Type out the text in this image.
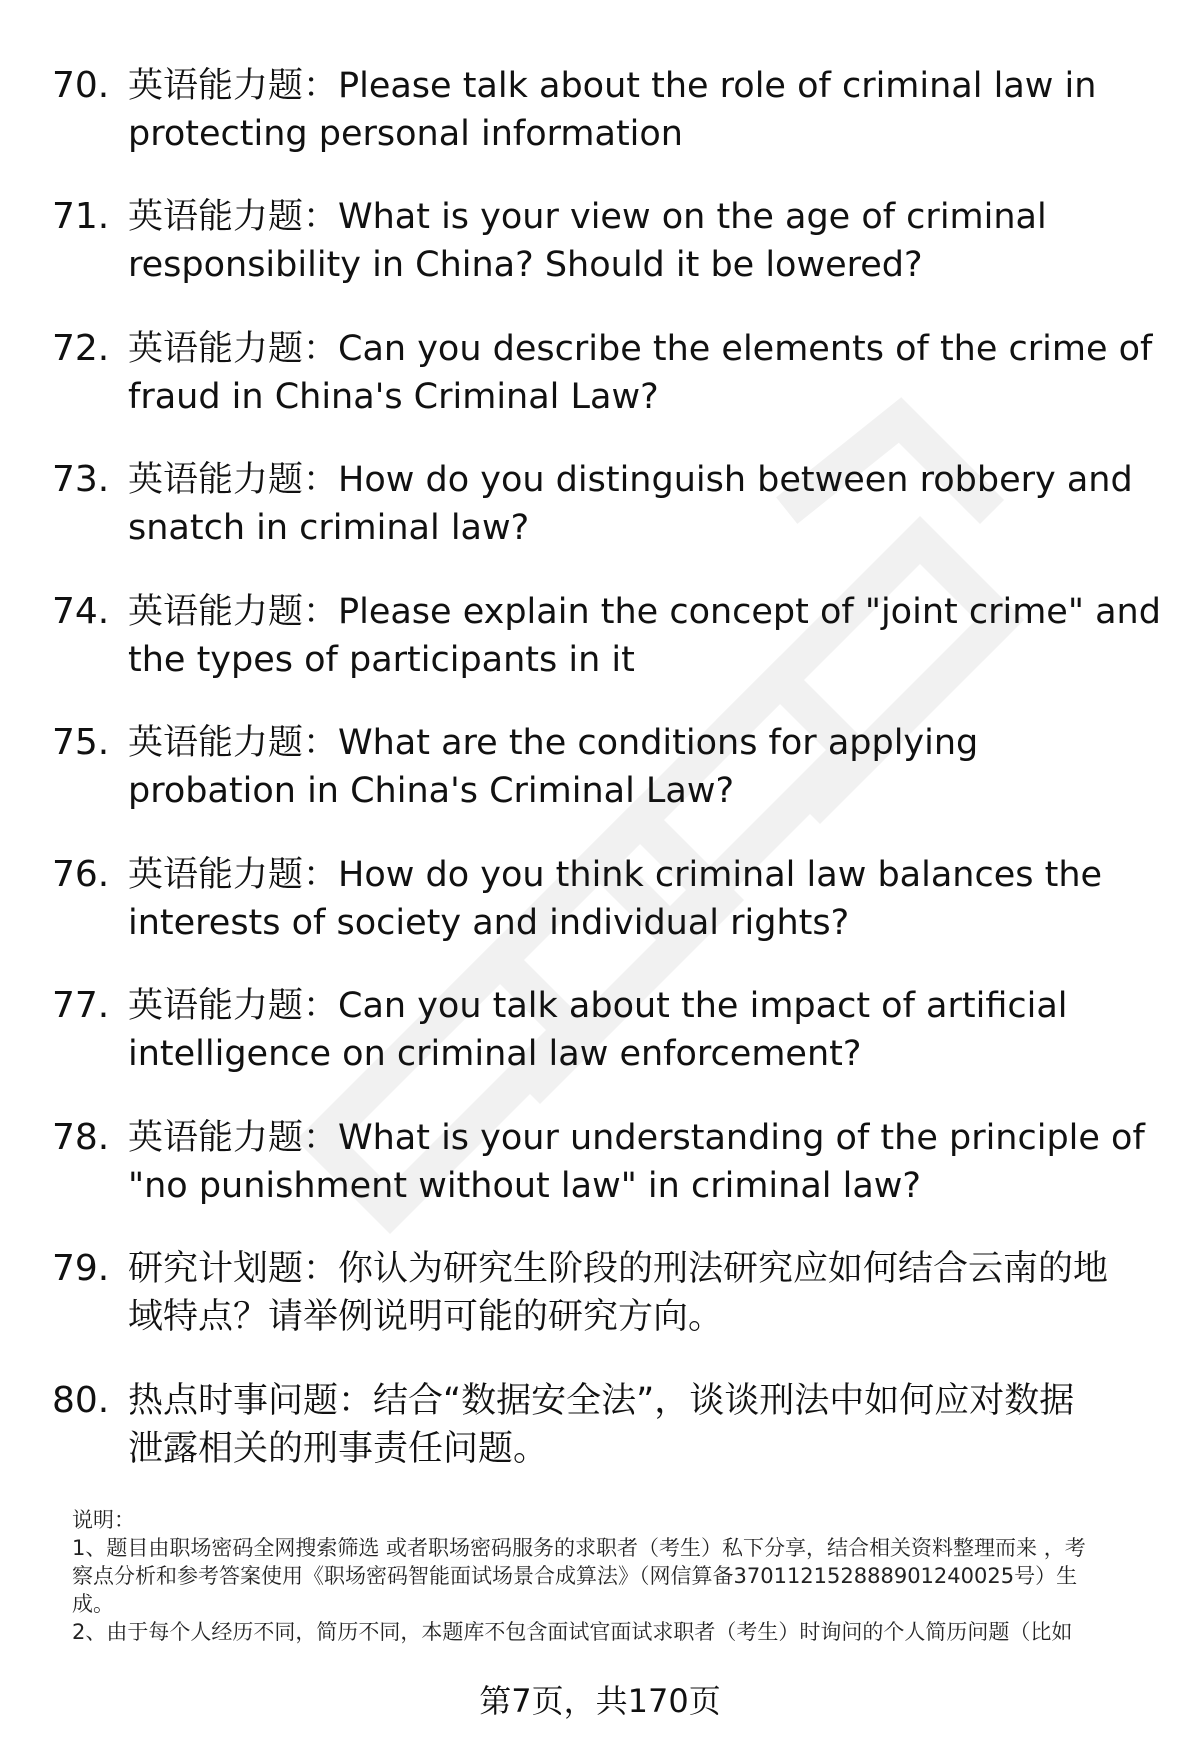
70. 英语能力题：Please talk about the role of criminal law in
protecting personal information
71. 英语能力题：What is your view on the age of criminal
responsibility in China? Should it be lowered?
72. 英语能力题：Can you describe the elements of the crime of
fraud in China's Criminal Law?
73. 英语能力题：How do you distinguish between robbery and
snatch in criminal law?
74. 英语能力题：Please explain the concept of "joint crime" and
the types of participants in it
75. 英语能力题：What are the conditions for applying
probation in China's Criminal Law?
76. 英语能力题：How do you think criminal law balances the
interests of society and individual rights?
77. 英语能力题：Can you talk about the impact of artificial
intelligence on criminal law enforcement?
78. 英语能力题：What is your understanding of the principle of
"no punishment without law" in criminal law?
79. 研究计划题：你认为研究生阶段的刑法研究应如何结合云南的地
域特点？请举例说明可能的研究方向。
80. 热点时事问题：结合“数据安全法”，谈谈刑法中如何应对数据
泄露相关的刑事责任问题。
说明：
1、题目由职场密码全网搜索筛选 或者职场密码服务的求职者（考生）私下分享，结合相关资料整理而来 ，考
察点分析和参考答案使用《职场密码智能面试场景合成算法》（网信算备370112152888901240025号）生
成。
2、由于每个人经历不同，简历不同，本题库不包含面试官面试求职者（考生）时询问的个人简历问题（比如
第7页，共170页
